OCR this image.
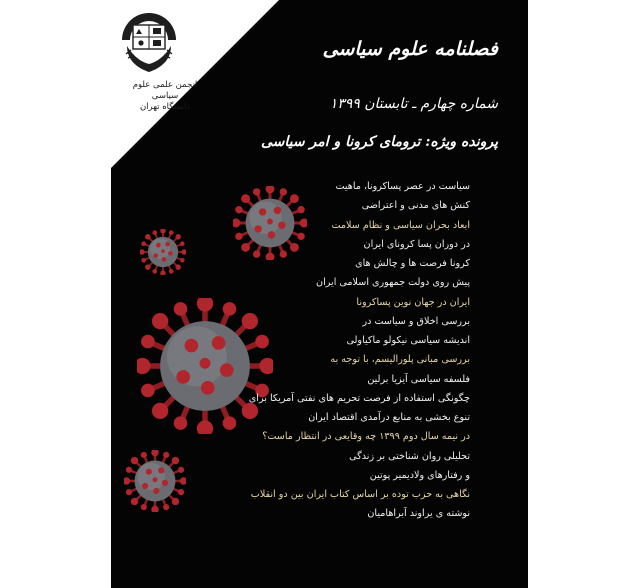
انجمن علمی علوم سیاسی
دانشگاه تهران
فصلنامه علوم سیاسی
شماره چهارم ـ تابستان ۱۳۹۹
پرونده ویژه: ترومای کرونا و امر سیاسی
سیاست در عصر پساکرونا، ماهیت
کنش های مدنی و اعتراضی
ابعاد بحران سیاسی و نظام سلامت
در دوران پسا کرونای ایران
کرونا فرصت ها و چالش های
پیش روی دولت جمهوری اسلامی ایران
ایران در جهان نوین پساکرونا
بررسی اخلاق و سیاست در
اندیشه سیاسی نیکولو ماکیاولی
بررسی مبانی پلورالیسم، با توجه به
فلسفه سیاسی آیزیا برلین
چگونگی استفاده از فرصت تحریم های نفتی آمریکا برای
تنوع بخشی به منابع درآمدی اقتصاد ایران
در نیمه سال دوم ۱۳۹۹ چه وقایعی در انتظار ماست؟
تحلیلی روان شناختی بر زندگی
و رفتارهای ولادیمیر پوتین
نگاهی به حزب توده بر اساس کتاب ایران بین دو انقلاب
نوشته ی یراوند آبراهامیان
